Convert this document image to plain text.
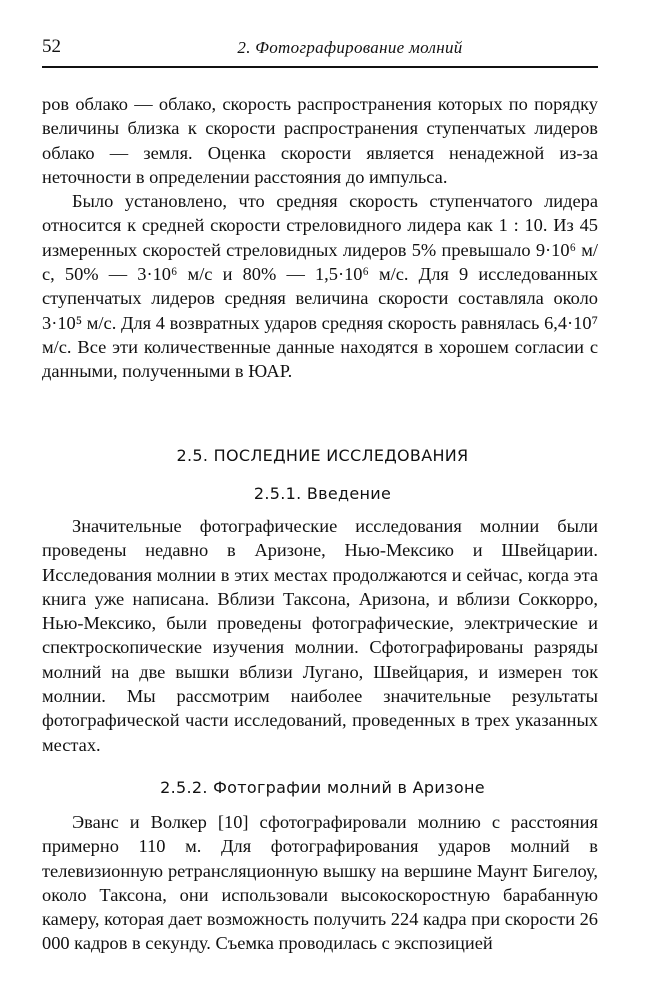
52	2. Фотографирование молний

ров облако — облако, скорость распространения которых по порядку величины близка к скорости распространения ступенчатых лидеров облако — земля. Оценка скорости является ненадежной из-за неточности в определении расстояния до импульса.

Было установлено, что средняя скорость ступенчатого лидера относится к средней скорости стреловидного лидера как 1 : 10. Из 45 измеренных скоростей стреловидных лидеров 5% превышало 9·10⁶ м/с, 50% — 3·10⁶ м/с и 80% — 1,5·10⁶ м/с. Для 9 исследованных ступенчатых лидеров средняя величина скорости составляла около 3·10⁵ м/с. Для 4 возвратных ударов средняя скорость равнялась 6,4·10⁷ м/с. Все эти количественные данные находятся в хорошем согласии с данными, полученными в ЮАР.

2.5. ПОСЛЕДНИЕ ИССЛЕДОВАНИЯ
2.5.1. Введение

Значительные фотографические исследования молнии были проведены недавно в Аризоне, Нью-Мексико и Швейцарии. Исследования молнии в этих местах продолжаются и сейчас, когда эта книга уже написана. Вблизи Таксона, Аризона, и вблизи Соккорро, Нью-Мексико, были проведены фотографические, электрические и спектроскопические изучения молнии. Сфотографированы разряды молний на две вышки вблизи Лугано, Швейцария, и измерен ток молнии. Мы рассмотрим наиболее значительные результаты фотографической части исследований, проведенных в трех указанных местах.

2.5.2. Фотографии молний в Аризоне

Эванс и Волкер [10] сфотографировали молнию с расстояния примерно 110 м. Для фотографирования ударов молний в телевизионную ретрансляционную вышку на вершине Маунт Бигелоу, около Таксона, они использовали высокоскоростную барабанную камеру, которая дает возможность получить 224 кадра при скорости 26 000 кадров в секунду. Съемка проводилась с экспозицией
